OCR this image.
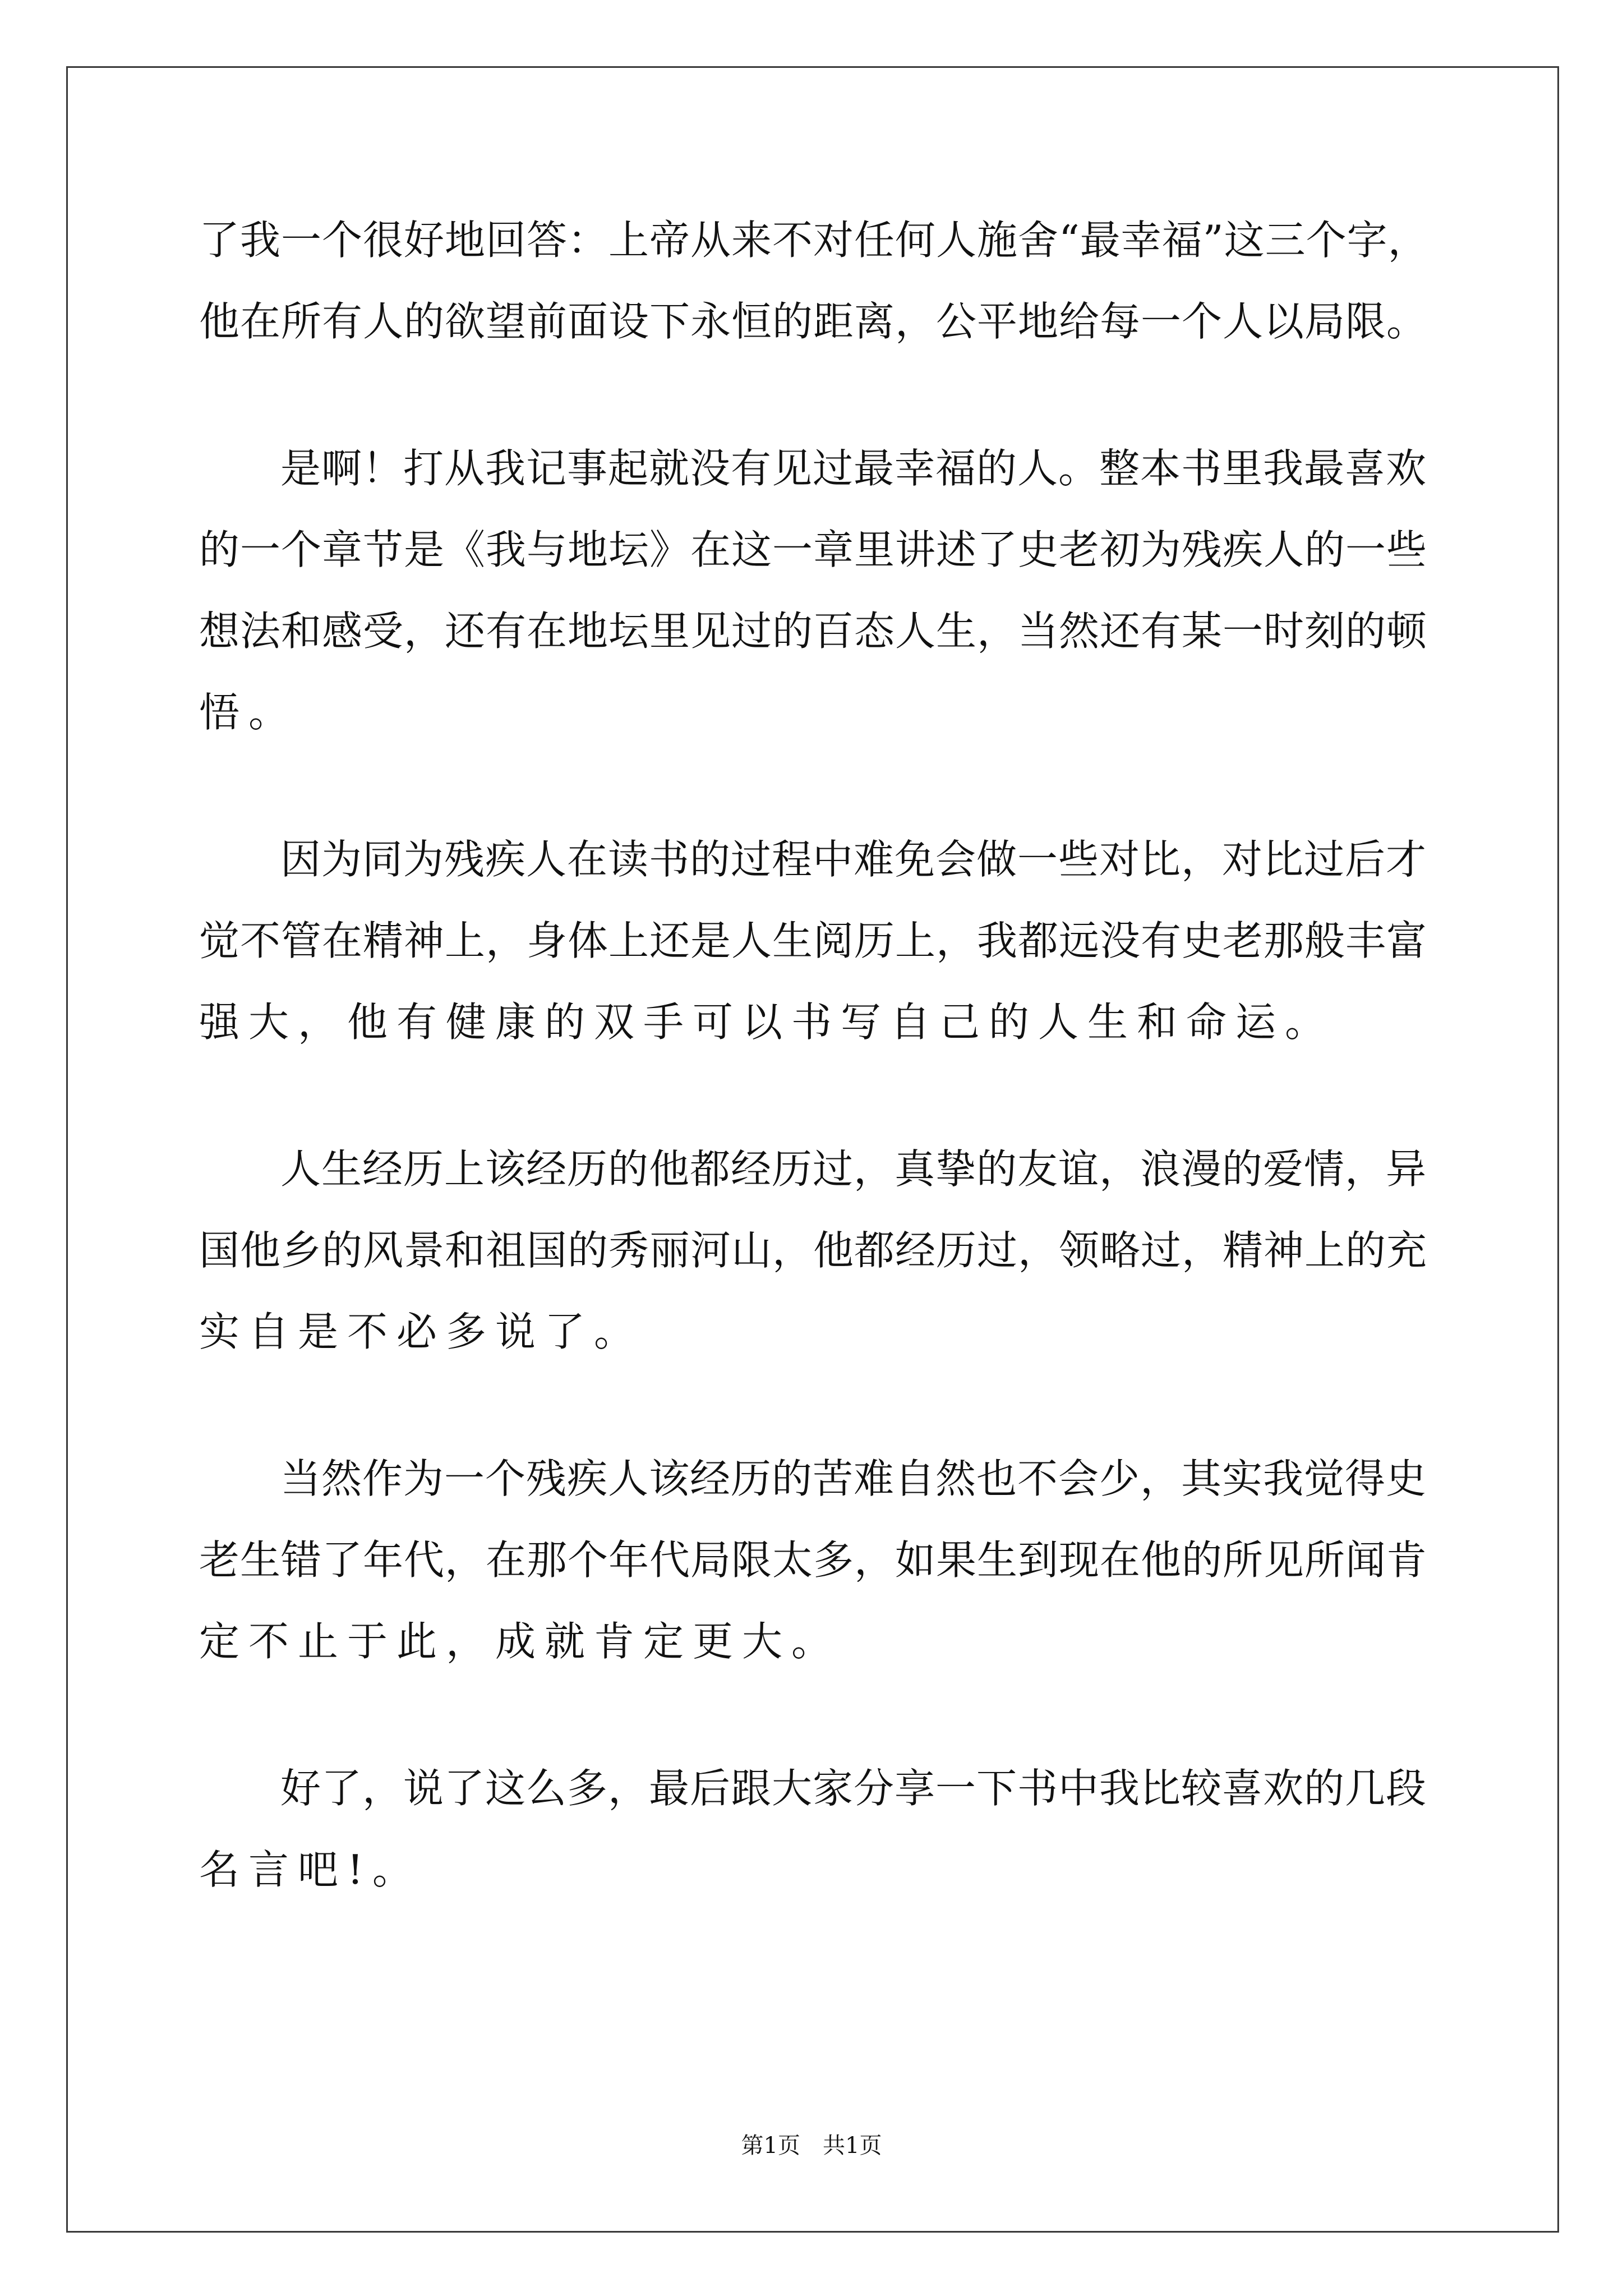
了我一个很好地回答：上帝从来不对任何人施舍“最幸福”这三个字，
他在所有人的欲望前面设下永恒的距离，公平地给每一个人以局限。
是啊！打从我记事起就没有见过最幸福的人。整本书里我最喜欢
的一个章节是《我与地坛》在这一章里讲述了史老初为残疾人的一些
想法和感受，还有在地坛里见过的百态人生，当然还有某一时刻的顿
悟。
因为同为残疾人在读书的过程中难免会做一些对比，对比过后才
觉不管在精神上，身体上还是人生阅历上，我都远没有史老那般丰富
强大，他有健康的双手可以书写自己的人生和命运。
人生经历上该经历的他都经历过，真挚的友谊，浪漫的爱情，异
国他乡的风景和祖国的秀丽河山，他都经历过，领略过，精神上的充
实自是不必多说了。
当然作为一个残疾人该经历的苦难自然也不会少，其实我觉得史
老生错了年代，在那个年代局限太多，如果生到现在他的所见所闻肯
定不止于此，成就肯定更大。
好了，说了这么多，最后跟大家分享一下书中我比较喜欢的几段
名言吧!。
第1页　共1页
